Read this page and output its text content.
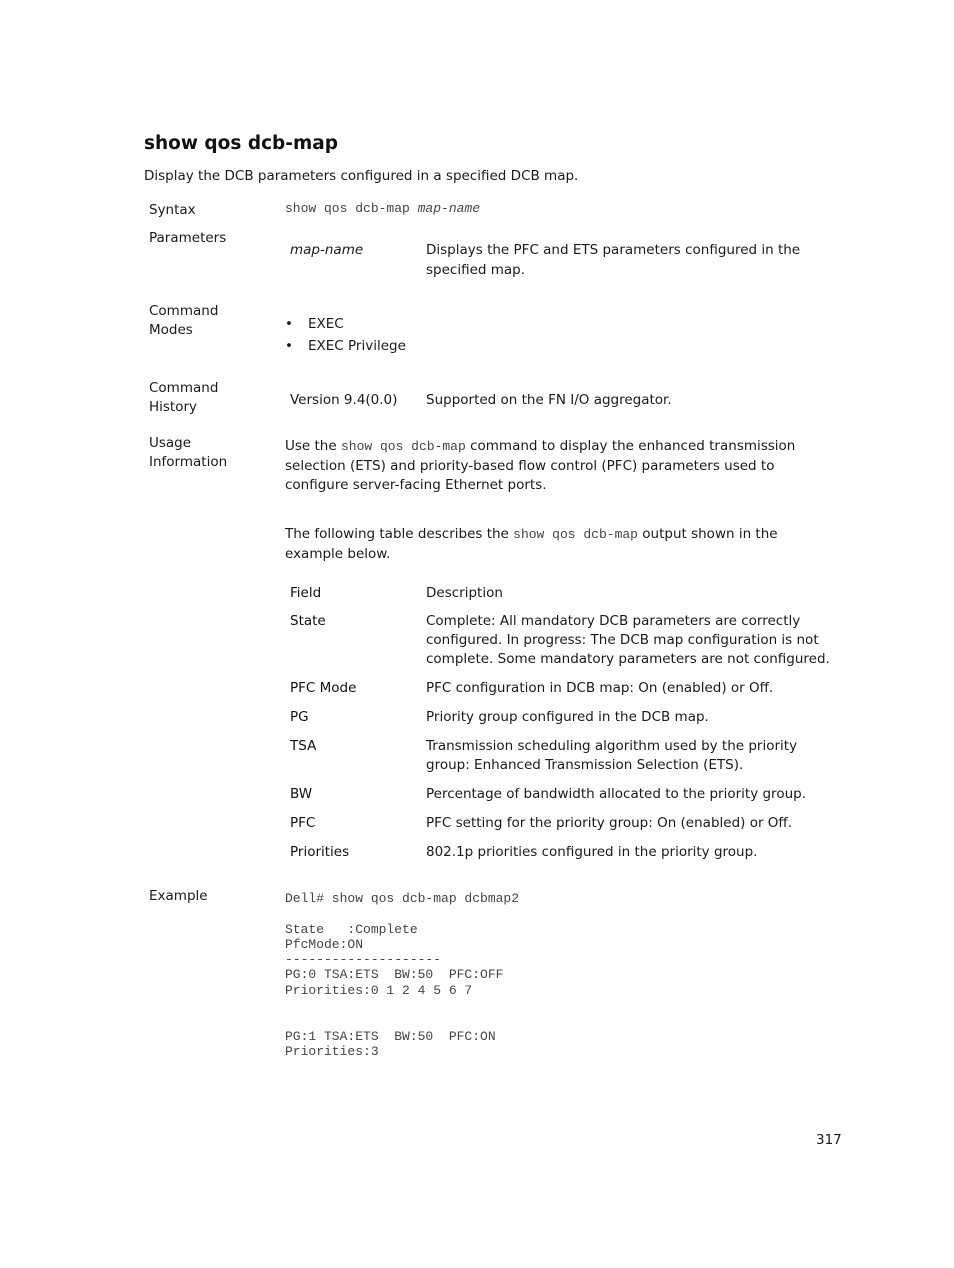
show qos dcb-map
Display the DCB parameters configured in a specified DCB map.
Syntax	show qos dcb-map map-name
Parameters
map-name	Displays the PFC and ETS parameters configured in the specified map.
Command
Modes	• EXEC
• EXEC Privilege
Command
History	Version 9.4(0.0) Supported on the FN I/O aggregator.
Usage
Information
Use the show qos dcb-map command to display the enhanced transmission selection (ETS) and priority-based flow control (PFC) parameters used to configure server-facing Ethernet ports.
The following table describes the show qos dcb-map output shown in the example below.
Field	Description
State	Complete: All mandatory DCB parameters are correctly configured. In progress: The DCB map configuration is not complete. Some mandatory parameters are not configured.
PFC Mode	PFC configuration in DCB map: On (enabled) or Off.
PG	Priority group configured in the DCB map.
TSA	Transmission scheduling algorithm used by the priority group: Enhanced Transmission Selection (ETS).
BW	Percentage of bandwidth allocated to the priority group.
PFC	PFC setting for the priority group: On (enabled) or Off.
Priorities	802.1p priorities configured in the priority group.
Example	Dell# show qos dcb-map dcbmap2

State   :Complete
PfcMode:ON
--------------------
PG:0 TSA:ETS  BW:50  PFC:OFF
Priorities:0 1 2 4 5 6 7

PG:1 TSA:ETS  BW:50  PFC:ON
Priorities:3
317
